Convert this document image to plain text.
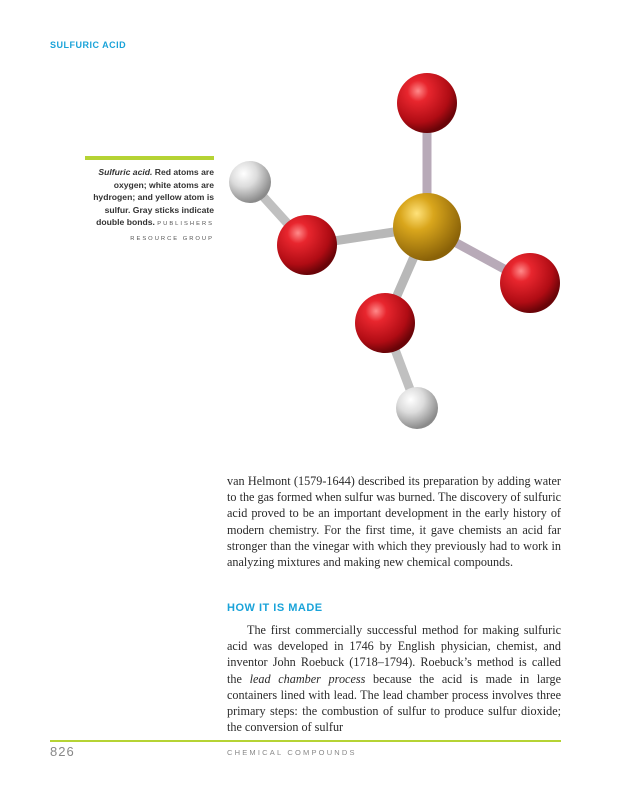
SULFURIC ACID
Sulfuric acid. Red atoms are oxygen; white atoms are hydrogen; and yellow atom is sulfur. Gray sticks indicate double bonds. PUBLISHERS RESOURCE GROUP

van Helmont (1579-1644) described its preparation by adding water to the gas formed when sulfur was burned. The discovery of sulfuric acid proved to be an important development in the early history of modern chemistry. For the first time, it gave chemists an acid far stronger than the vinegar with which they previously had to work in analyzing mixtures and making new chemical compounds.

HOW IT IS MADE

The first commercially successful method for making sulfuric acid was developed in 1746 by English physician, chemist, and inventor John Roebuck (1718–1794). Roebuck’s method is called the lead chamber process because the acid is made in large containers lined with lead. The lead chamber process involves three primary steps: the combustion of sulfur to produce sulfur dioxide; the conversion of sulfur

826	CHEMICAL COMPOUNDS
